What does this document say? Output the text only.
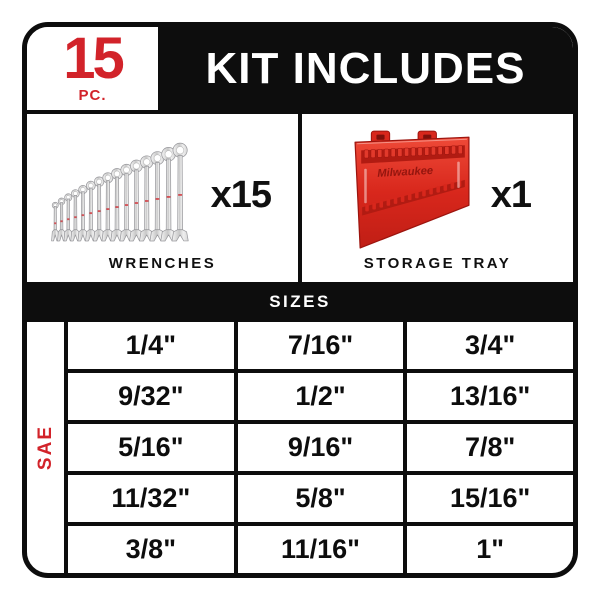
15
PC.
KIT INCLUDES
x15
WRENCHES
Milwaukee
x1
STORAGE TRAY
SIZES
SAE
1/4"	7/16"	3/4"
9/32"	1/2"	13/16"
5/16"	9/16"	7/8"
11/32"	5/8"	15/16"
3/8"	11/16"	1"
